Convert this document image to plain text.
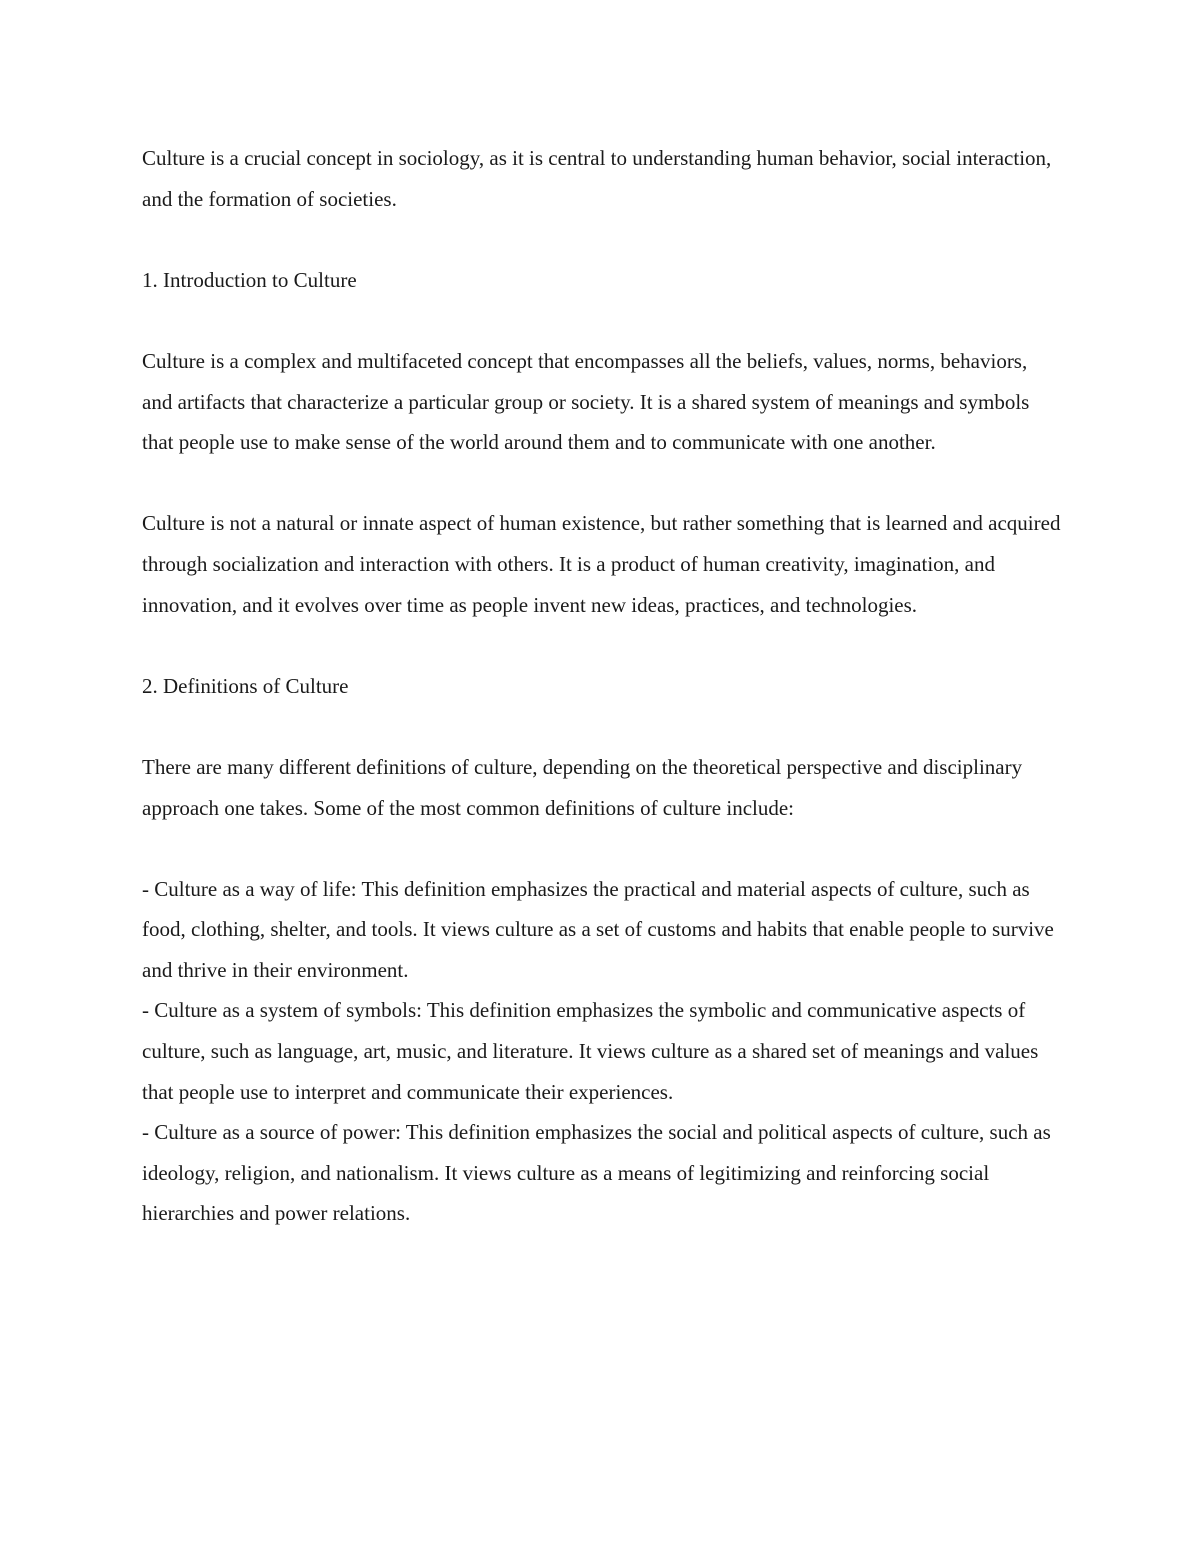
Culture is a crucial concept in sociology, as it is central to understanding human behavior, social interaction, and the formation of societies.

1. Introduction to Culture

Culture is a complex and multifaceted concept that encompasses all the beliefs, values, norms, behaviors, and artifacts that characterize a particular group or society. It is a shared system of meanings and symbols that people use to make sense of the world around them and to communicate with one another.

Culture is not a natural or innate aspect of human existence, but rather something that is learned and acquired through socialization and interaction with others. It is a product of human creativity, imagination, and innovation, and it evolves over time as people invent new ideas, practices, and technologies.

2. Definitions of Culture

There are many different definitions of culture, depending on the theoretical perspective and disciplinary approach one takes. Some of the most common definitions of culture include:

- Culture as a way of life: This definition emphasizes the practical and material aspects of culture, such as food, clothing, shelter, and tools. It views culture as a set of customs and habits that enable people to survive and thrive in their environment.

- Culture as a system of symbols: This definition emphasizes the symbolic and communicative aspects of culture, such as language, art, music, and literature. It views culture as a shared set of meanings and values that people use to interpret and communicate their experiences.

- Culture as a source of power: This definition emphasizes the social and political aspects of culture, such as ideology, religion, and nationalism. It views culture as a means of legitimizing and reinforcing social hierarchies and power relations.
